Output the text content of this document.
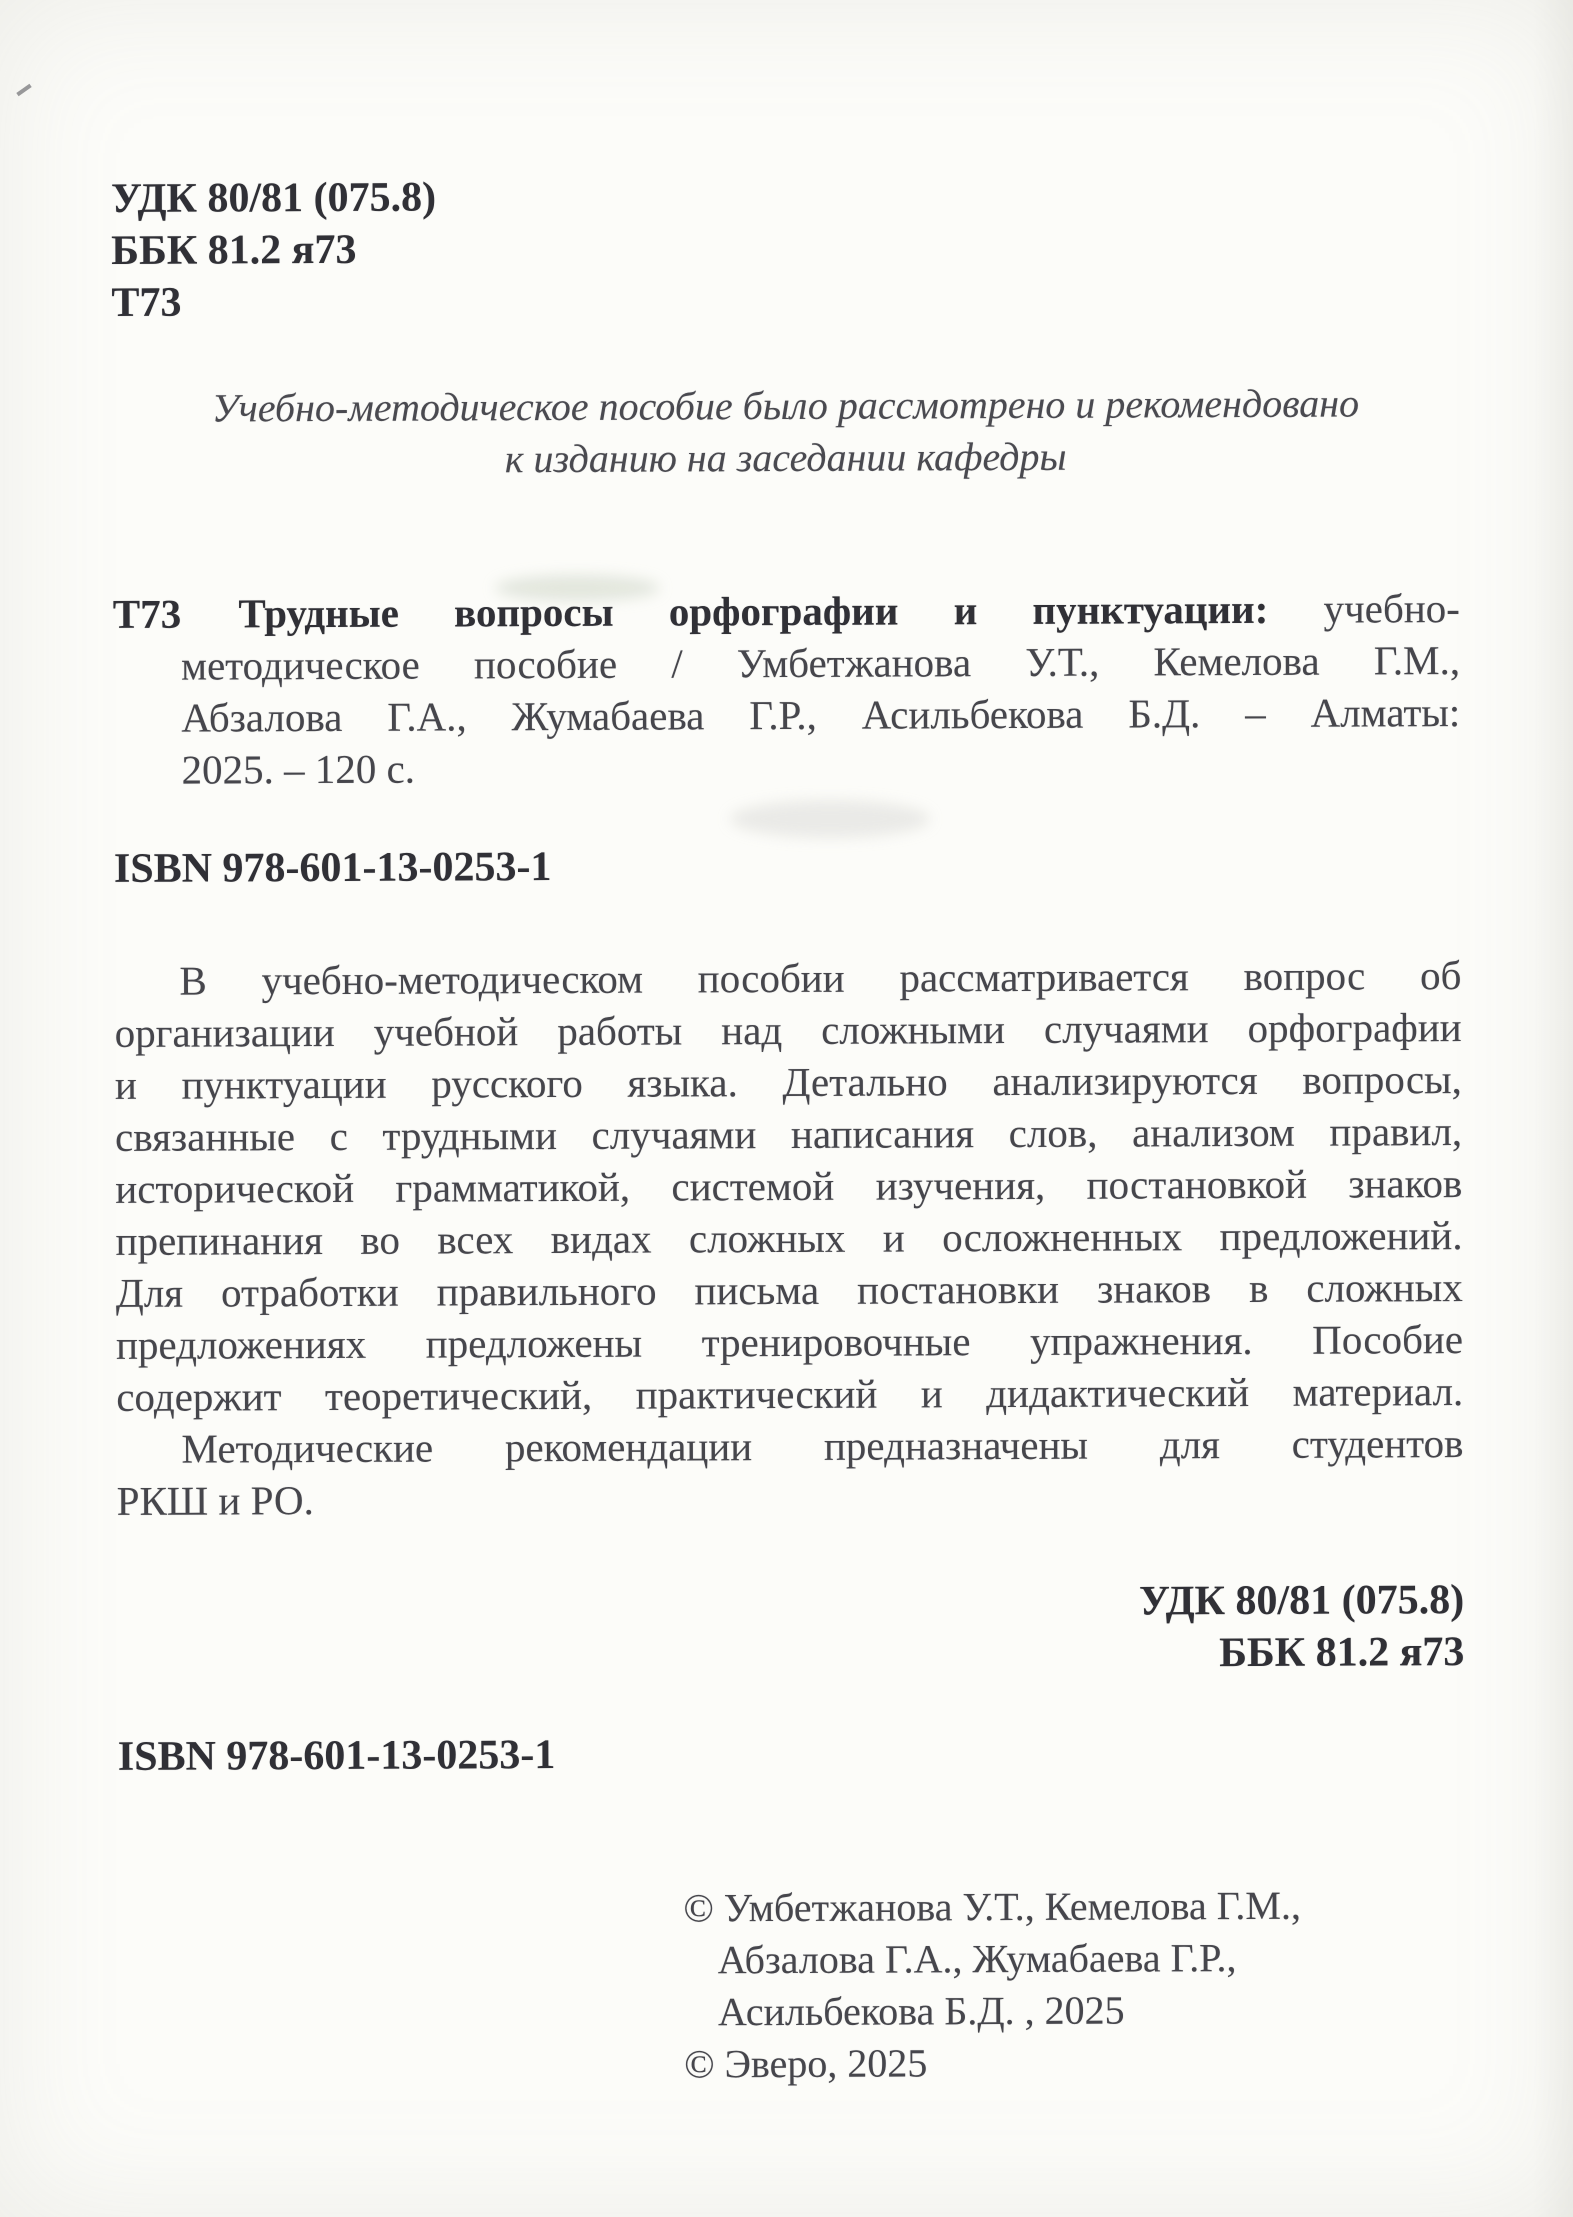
УДК 80/81 (075.8)
ББК 81.2 я73
Т73
Учебно-методическое пособие было рассмотрено и рекомендовано
к изданию на заседании кафедры
Т73 Трудные вопросы орфографии и пунктуации: учебно-
методическое пособие / Умбетжанова У.Т., Кемелова Г.М.,
Абзалова Г.А., Жумабаева Г.Р., Асильбекова Б.Д. – Алматы:
2025. – 120 с.
ISBN 978-601-13-0253-1
В учебно-методическом пособии рассматривается вопрос об
организации учебной работы над сложными случаями орфографии
и пунктуации русского языка. Детально анализируются вопросы,
связанные с трудными случаями написания слов, анализом правил,
исторической грамматикой, системой изучения, постановкой знаков
препинания во всех видах сложных и осложненных предложений.
Для отработки правильного письма постановки знаков в сложных
предложениях предложены тренировочные упражнения. Пособие
содержит теоретический, практический и дидактический материал.
Методические рекомендации предназначены для студентов
РКШ и РО.
УДК 80/81 (075.8)
ББК 81.2 я73
ISBN 978-601-13-0253-1
© Умбетжанова У.Т., Кемелова Г.М.,
Абзалова Г.А., Жумабаева Г.Р.,
Асильбекова Б.Д. , 2025
© Эверо, 2025
